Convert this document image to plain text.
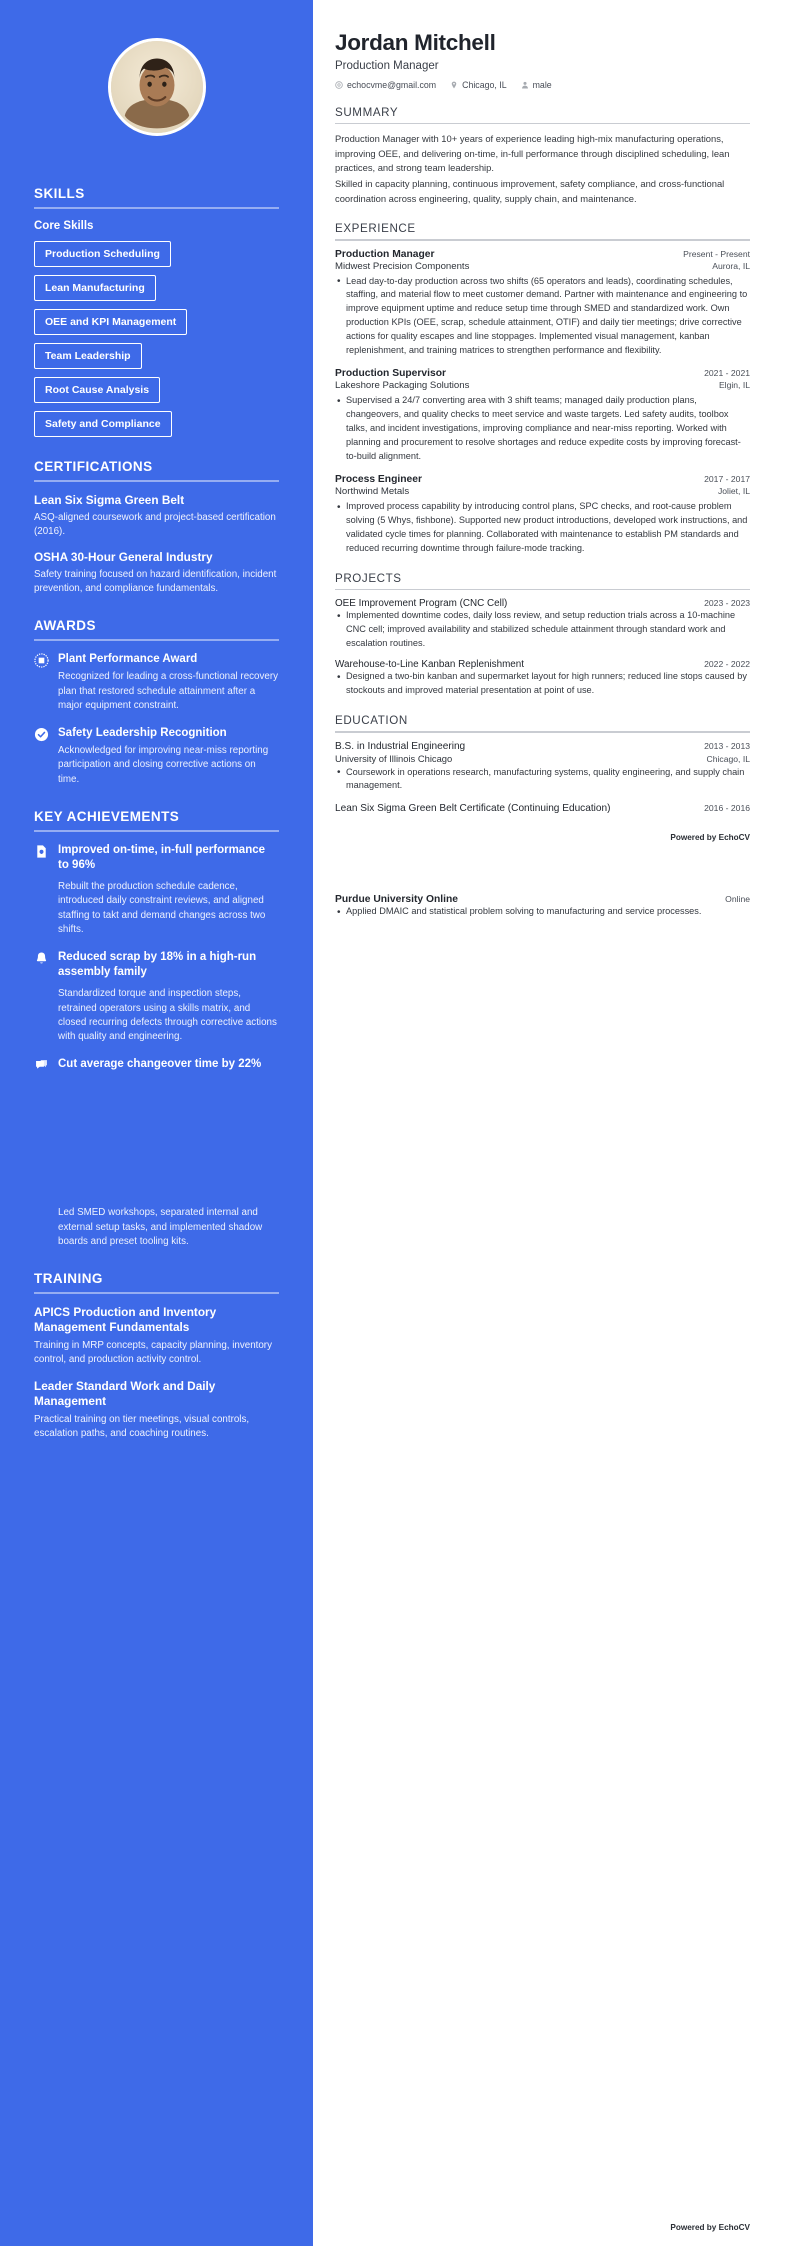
SKILLS
Core Skills
Production Scheduling
Lean Manufacturing
OEE and KPI Management
Team Leadership
Root Cause Analysis
Safety and Compliance
CERTIFICATIONS
Lean Six Sigma Green Belt
ASQ-aligned coursework and project-based certification (2016).
OSHA 30-Hour General Industry
Safety training focused on hazard identification, incident prevention, and compliance fundamentals.
AWARDS
Plant Performance Award
Recognized for leading a cross-functional recovery plan that restored schedule attainment after a major equipment constraint.
Safety Leadership Recognition
Acknowledged for improving near-miss reporting participation and closing corrective actions on time.
KEY ACHIEVEMENTS
Improved on-time, in-full performance to 96%
Rebuilt the production schedule cadence, introduced daily constraint reviews, and aligned staffing to takt and demand changes across two shifts.
Reduced scrap by 18% in a high-run assembly family
Standardized torque and inspection steps, retrained operators using a skills matrix, and closed recurring defects through corrective actions with quality and engineering.
Cut average changeover time by 22%
Led SMED workshops, separated internal and external setup tasks, and implemented shadow boards and preset tooling kits.
TRAINING
APICS Production and Inventory Management Fundamentals
Training in MRP concepts, capacity planning, inventory control, and production activity control.
Leader Standard Work and Daily Management
Practical training on tier meetings, visual controls, escalation paths, and coaching routines.
Jordan Mitchell
Production Manager
echocvme@gmail.com	Chicago, IL	male
SUMMARY

Production Manager with 10+ years of experience leading high-mix manufacturing operations, improving OEE, and delivering on-time, in-full performance through disciplined scheduling, lean practices, and strong team leadership.

Skilled in capacity planning, continuous improvement, safety compliance, and cross-functional coordination across engineering, quality, supply chain, and maintenance.

EXPERIENCE
Production Manager	Present - Present
Midwest Precision Components	Aurora, IL
• Lead day-to-day production across two shifts (65 operators and leads), coordinating schedules, staffing, and material flow to meet customer demand. Partner with maintenance and engineering to improve equipment uptime and reduce setup time through SMED and standardized work. Own production KPIs (OEE, scrap, schedule attainment, OTIF) and daily tier meetings; drive corrective actions for quality escapes and line stoppages. Implemented visual management, kanban replenishment, and training matrices to strengthen performance and flexibility.
Production Supervisor	2021 - 2021
Lakeshore Packaging Solutions	Elgin, IL
• Supervised a 24/7 converting area with 3 shift teams; managed daily production plans, changeovers, and quality checks to meet service and waste targets. Led safety audits, toolbox talks, and incident investigations, improving compliance and near-miss reporting. Worked with planning and procurement to resolve shortages and reduce expedite costs by improving forecast-to-build alignment.
Process Engineer	2017 - 2017
Northwind Metals	Joliet, IL
• Improved process capability by introducing control plans, SPC checks, and root-cause problem solving (5 Whys, fishbone). Supported new product introductions, developed work instructions, and validated cycle times for planning. Collaborated with maintenance to establish PM standards and reduced recurring downtime through failure-mode tracking.
PROJECTS
OEE Improvement Program (CNC Cell)	2023 - 2023
• Implemented downtime codes, daily loss review, and setup reduction trials across a 10-machine CNC cell; improved availability and stabilized schedule attainment through standard work and escalation routines.
Warehouse-to-Line Kanban Replenishment	2022 - 2022
• Designed a two-bin kanban and supermarket layout for high runners; reduced line stops caused by stockouts and improved material presentation at point of use.
EDUCATION
B.S. in Industrial Engineering	2013 - 2013
University of Illinois Chicago	Chicago, IL
• Coursework in operations research, manufacturing systems, quality engineering, and supply chain management.
Lean Six Sigma Green Belt Certificate (Continuing Education)	2016 - 2016
Powered by EchoCV
Purdue University Online	Online
• Applied DMAIC and statistical problem solving to manufacturing and service processes.
Powered by EchoCV
